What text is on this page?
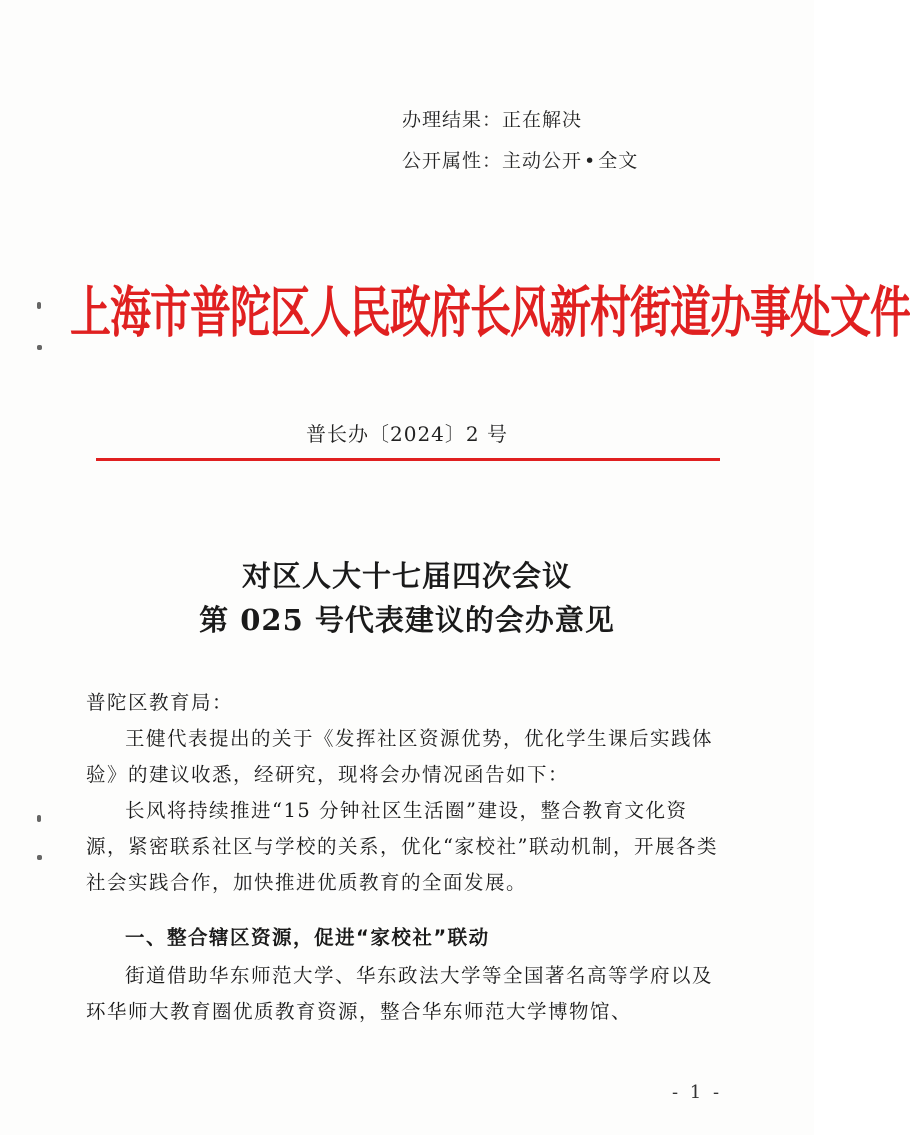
办理结果：正在解决
公开属性：主动公开 • 全文
上海市普陀区人民政府长风新村街道办事处文件
普长办〔2024〕2 号
对区人大十七届四次会议
第 025 号代表建议的会办意见
普陀区教育局：

王健代表提出的关于《发挥社区资源优势，优化学生课后实践体验》的建议收悉，经研究，现将会办情况函告如下：

长风将持续推进“15 分钟社区生活圈”建设，整合教育文化资源，紧密联系社区与学校的关系，优化“家校社”联动机制，开展各类社会实践合作，加快推进优质教育的全面发展。

一、整合辖区资源，促进“家校社”联动

街道借助华东师范大学、华东政法大学等全国著名高等学府以及环华师大教育圈优质教育资源，整合华东师范大学博物馆、

- 1 -
